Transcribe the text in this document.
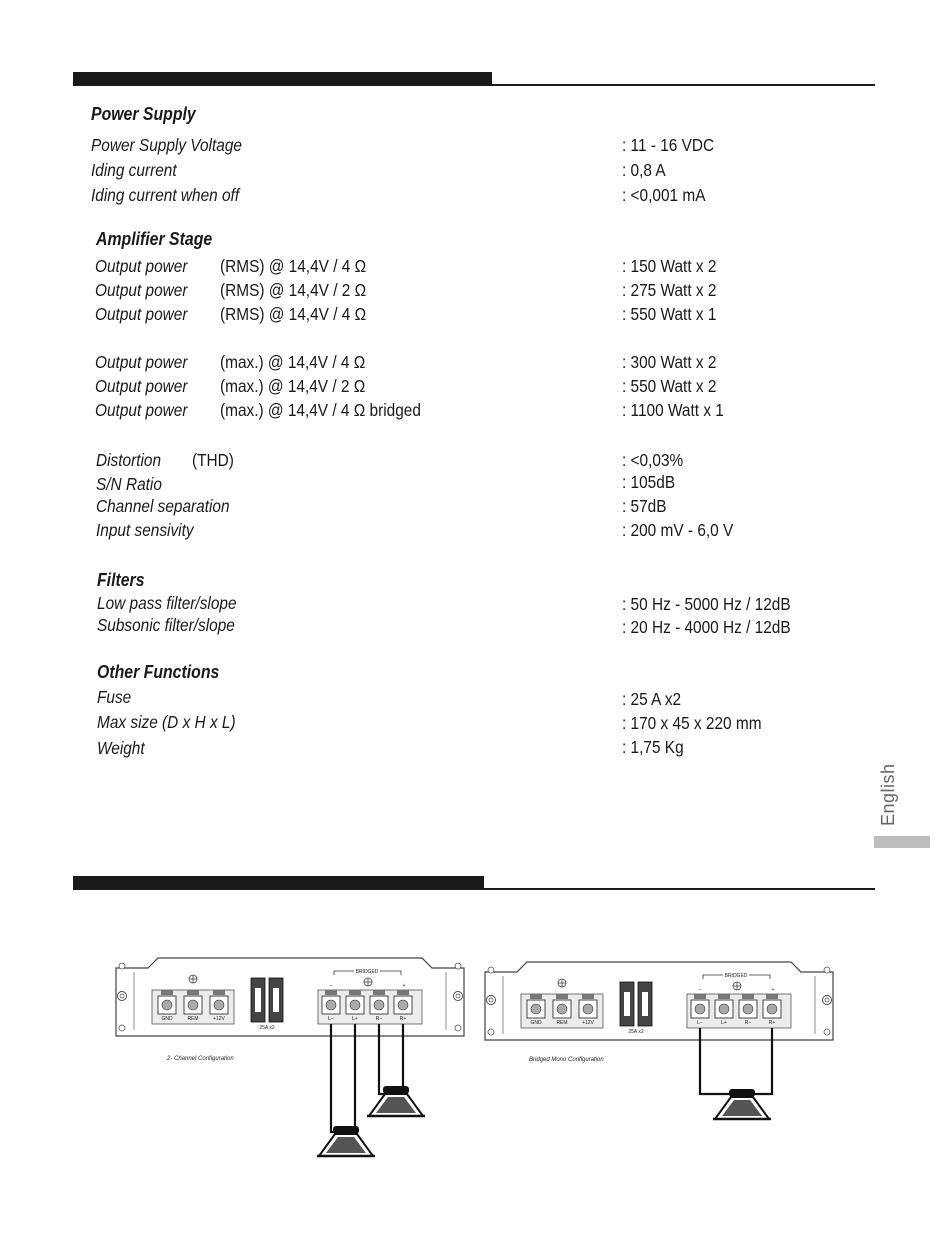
Power Supply
Power Supply Voltage	: 11 - 16 VDC
Iding current	: 0,8 A
Iding current when off	: <0,001 mA
Amplifier Stage
Output power (RMS) @ 14,4V / 4 Ω	: 150 Watt x 2
Output power (RMS) @ 14,4V / 2 Ω	: 275 Watt x 2
Output power (RMS) @ 14,4V / 4 Ω	: 550 Watt x 1
Output power (max.) @ 14,4V / 4 Ω	: 300 Watt x 2
Output power (max.) @ 14,4V / 2 Ω	: 550 Watt x 2
Output power (max.) @ 14,4V / 4 Ω bridged	: 1100 Watt x 1
Distortion (THD)	: <0,03%
S/N Ratio	: 105dB
Channel separation	: 57dB
Input sensivity	: 200 mV - 6,0 V
Filters
Low pass filter/slope	: 50 Hz - 5000 Hz / 12dB
Subsonic filter/slope	: 20 Hz - 4000 Hz / 12dB
Other Functions
Fuse	: 25 A x2
Max size (D x H x L)	: 170 x 45 x 220 mm
Weight	: 1,75 Kg
English
GND	REM	+12V
25A x2
L−	L+	R−	R+
BRIDGED
−	+
2- Channel Configuration
GND	REM	+12V
25A x2
L−	L+	R−	R+
BRIDGED
−	+
Bridged Mono Configuration
